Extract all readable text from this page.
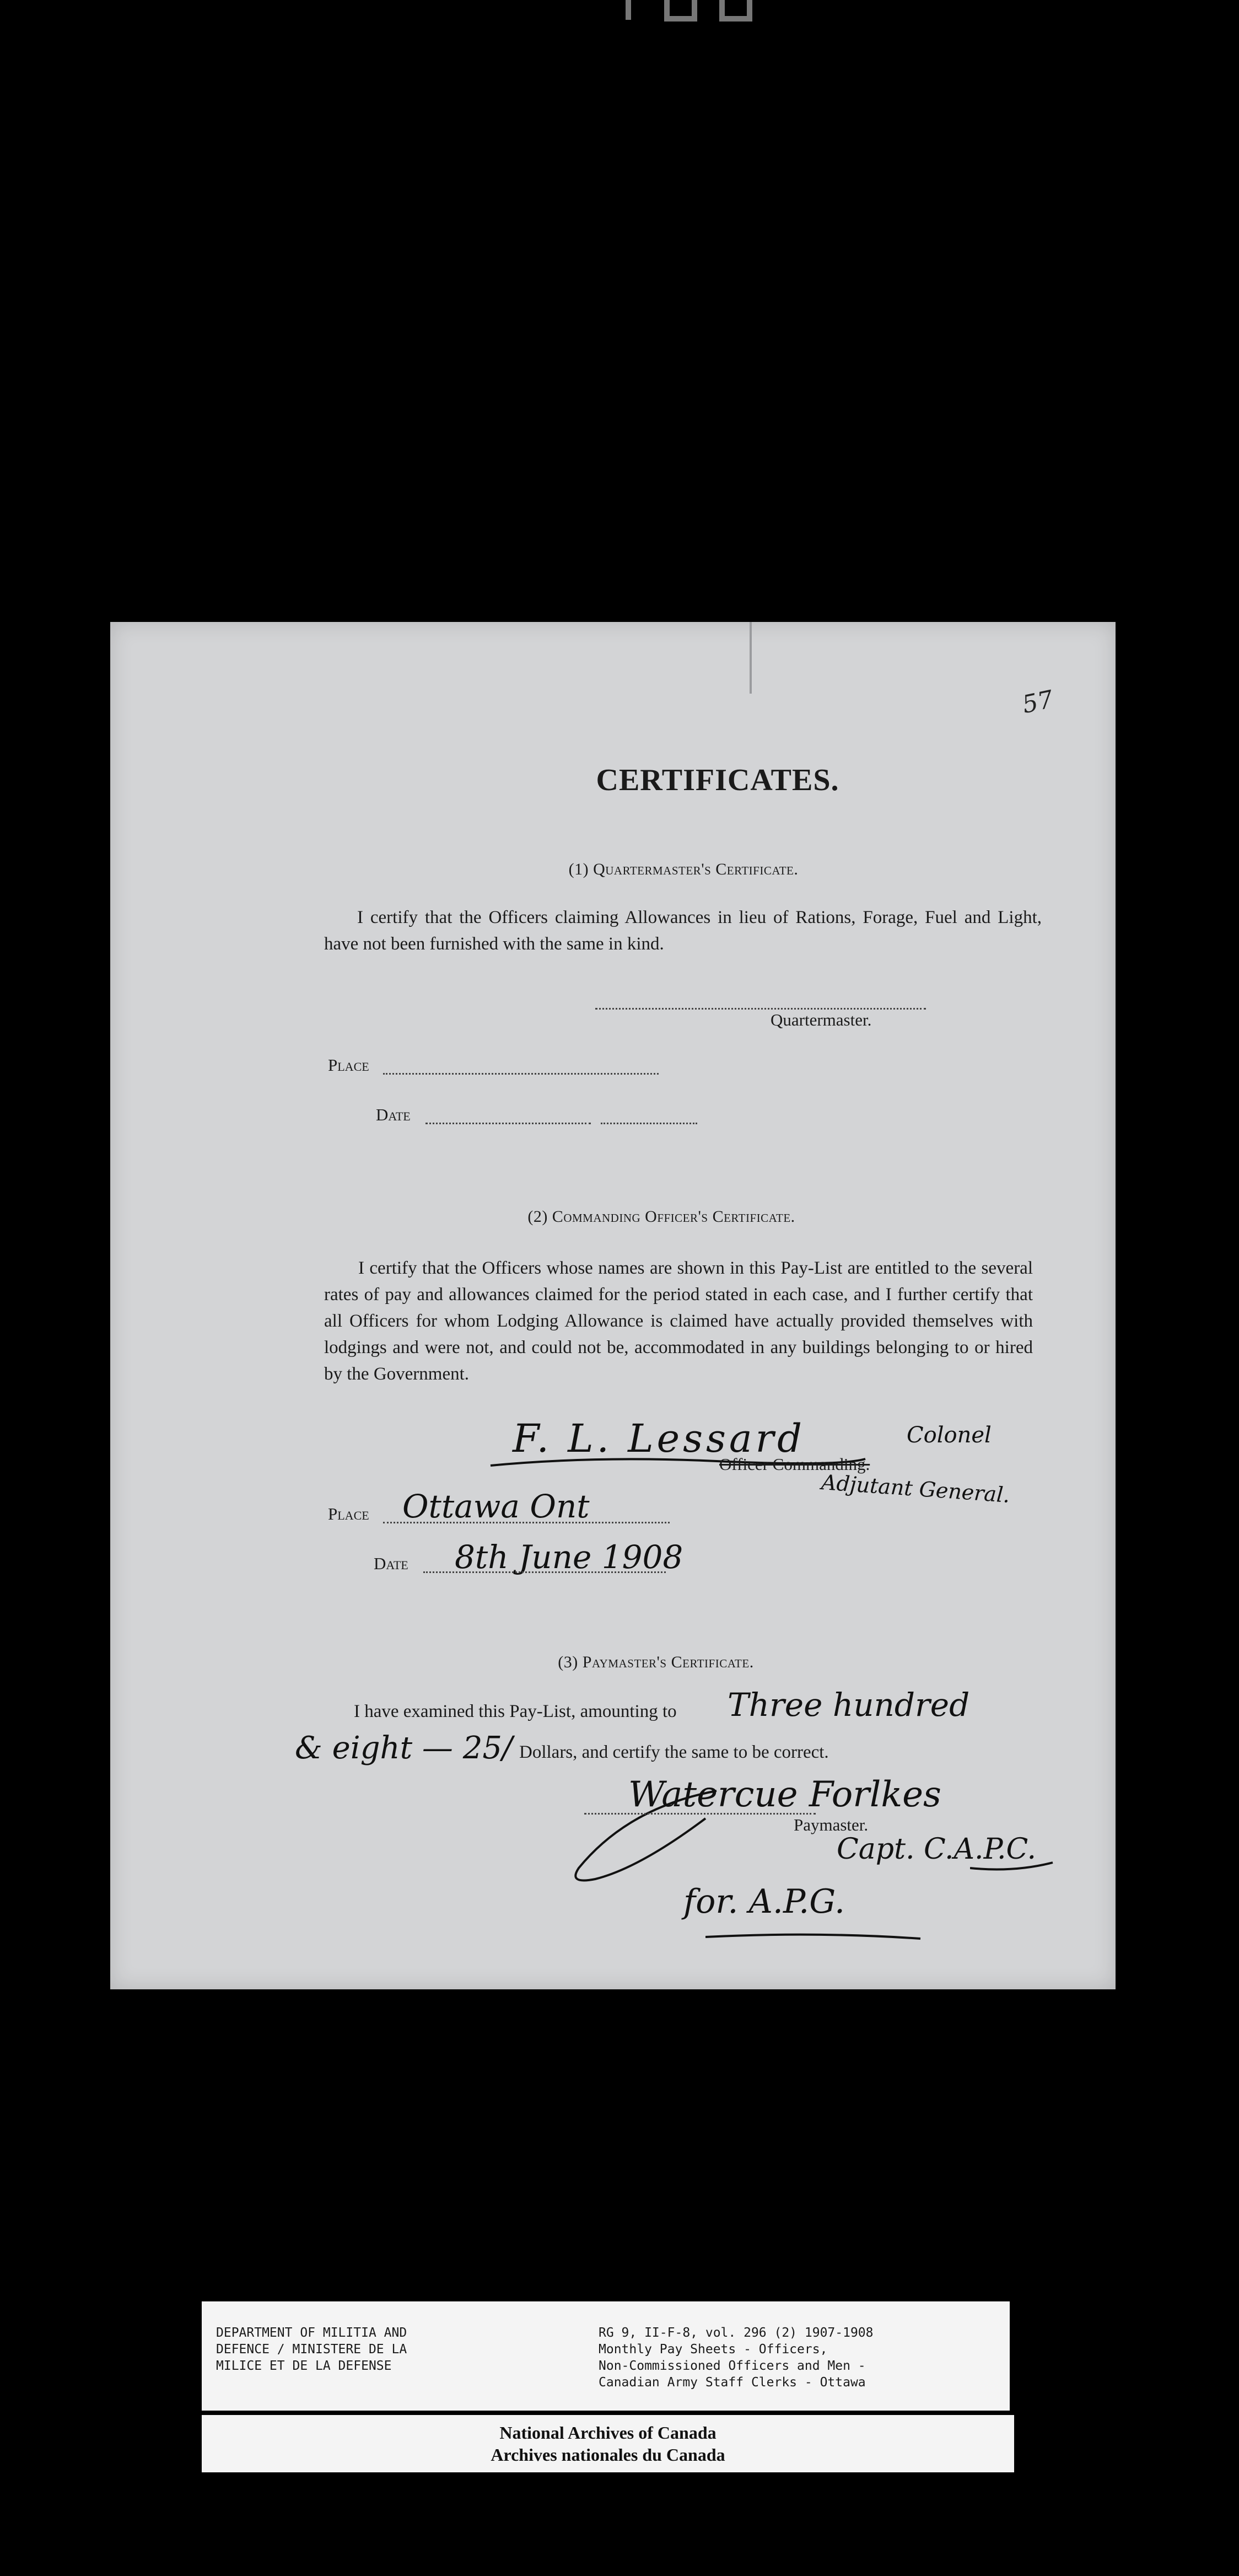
57
CERTIFICATES.
(1) Quartermaster's Certificate.
I certify that the Officers claiming Allowances in lieu of Rations, Forage, Fuel and Light, have not been furnished with the same in kind.
Quartermaster.
Place
Date
(2) Commanding Officer's Certificate.
I certify that the Officers whose names are shown in this Pay-List are entitled to the several rates of pay and allowances claimed for the period stated in each case, and I further certify that all Officers for whom Lodging Allowance is claimed have actually provided themselves with lodgings and were not, and could not be, accommodated in any buildings belonging to or hired by the Government.
F. L. Lessard	Colonel
Officer Commanding.
Adjutant General.
Place Ottawa Ont
Date 8th June 1908
(3) Paymaster's Certificate.
I have examined this Pay-List, amounting to	Three hundred
& eight — 25/ Dollars, and certify the same to be correct.
Watercue Forlkes
Paymaster.
Capt. C.A.P.C.
for. A.P.G.
DEPARTMENT OF MILITIA AND
DEFENCE / MINISTERE DE LA
MILICE ET DE LA DEFENSE
RG 9, II-F-8, vol. 296 (2) 1907-1908
Monthly Pay Sheets - Officers,
Non-Commissioned Officers and Men -
Canadian Army Staff Clerks - Ottawa
National Archives of Canada
Archives nationales du Canada
